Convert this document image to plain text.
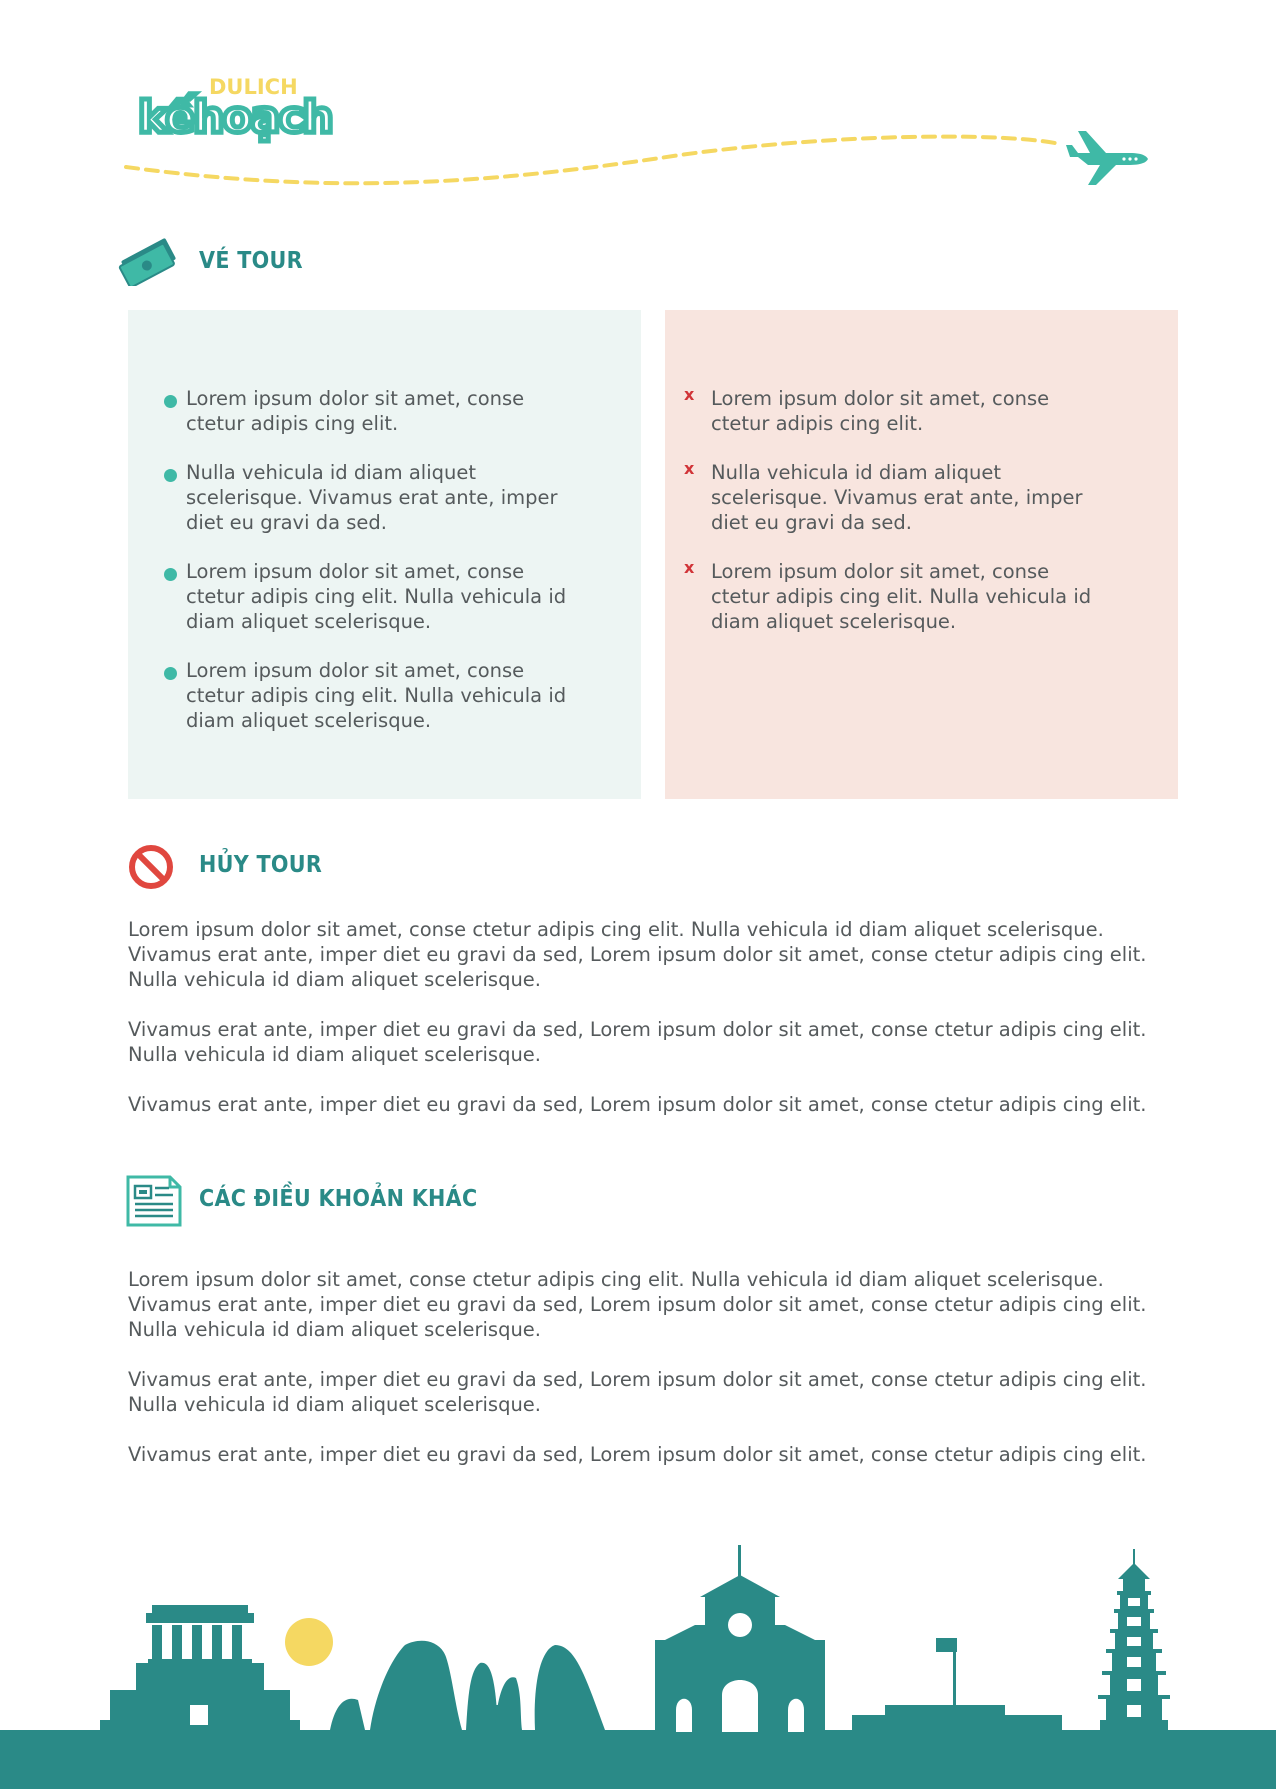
DULICH
kếhoạch
VÉ TOUR
Lorem ipsum dolor sit amet, conse ctetur adipis cing elit.
Nulla vehicula id diam aliquet scelerisque. Vivamus erat ante, imper diet eu gravi da sed.
Lorem ipsum dolor sit amet, conse ctetur adipis cing elit. Nulla vehicula id diam aliquet scelerisque.
Lorem ipsum dolor sit amet, conse ctetur adipis cing elit. Nulla vehicula id diam aliquet scelerisque.
x Lorem ipsum dolor sit amet, conse ctetur adipis cing elit.
x Nulla vehicula id diam aliquet scelerisque. Vivamus erat ante, imper diet eu gravi da sed.
x Lorem ipsum dolor sit amet, conse ctetur adipis cing elit. Nulla vehicula id diam aliquet scelerisque.
HỦY TOUR

Lorem ipsum dolor sit amet, conse ctetur adipis cing elit. Nulla vehicula id diam aliquet scelerisque. Vivamus erat ante, imper diet eu gravi da sed, Lorem ipsum dolor sit amet, conse ctetur adipis cing elit. Nulla vehicula id diam aliquet scelerisque.

Vivamus erat ante, imper diet eu gravi da sed, Lorem ipsum dolor sit amet, conse ctetur adipis cing elit. Nulla vehicula id diam aliquet scelerisque.

Vivamus erat ante, imper diet eu gravi da sed, Lorem ipsum dolor sit amet, conse ctetur adipis cing elit.

CÁC ĐIỀU KHOẢN KHÁC

Lorem ipsum dolor sit amet, conse ctetur adipis cing elit. Nulla vehicula id diam aliquet scelerisque. Vivamus erat ante, imper diet eu gravi da sed, Lorem ipsum dolor sit amet, conse ctetur adipis cing elit. Nulla vehicula id diam aliquet scelerisque.

Vivamus erat ante, imper diet eu gravi da sed, Lorem ipsum dolor sit amet, conse ctetur adipis cing elit. Nulla vehicula id diam aliquet scelerisque.

Vivamus erat ante, imper diet eu gravi da sed, Lorem ipsum dolor sit amet, conse ctetur adipis cing elit.
